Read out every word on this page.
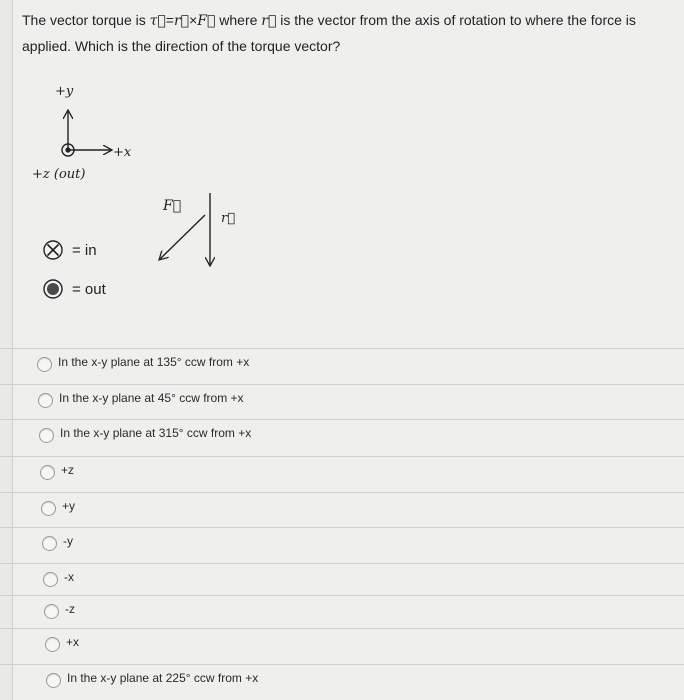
The vector torque is τ⃗=r⃗×F⃗ where r⃗ is the vector from the axis of rotation to where the force is
applied. Which is the direction of the torque vector?
+y
+x
+z (out)
F⃗
r⃗
= in
= out
In the x-y plane at 135° ccw from +x
In the x-y plane at 45° ccw from +x
In the x-y plane at 315° ccw from +x
+z
+y
-y
-x
-z
+x
In the x-y plane at 225° ccw from +x
